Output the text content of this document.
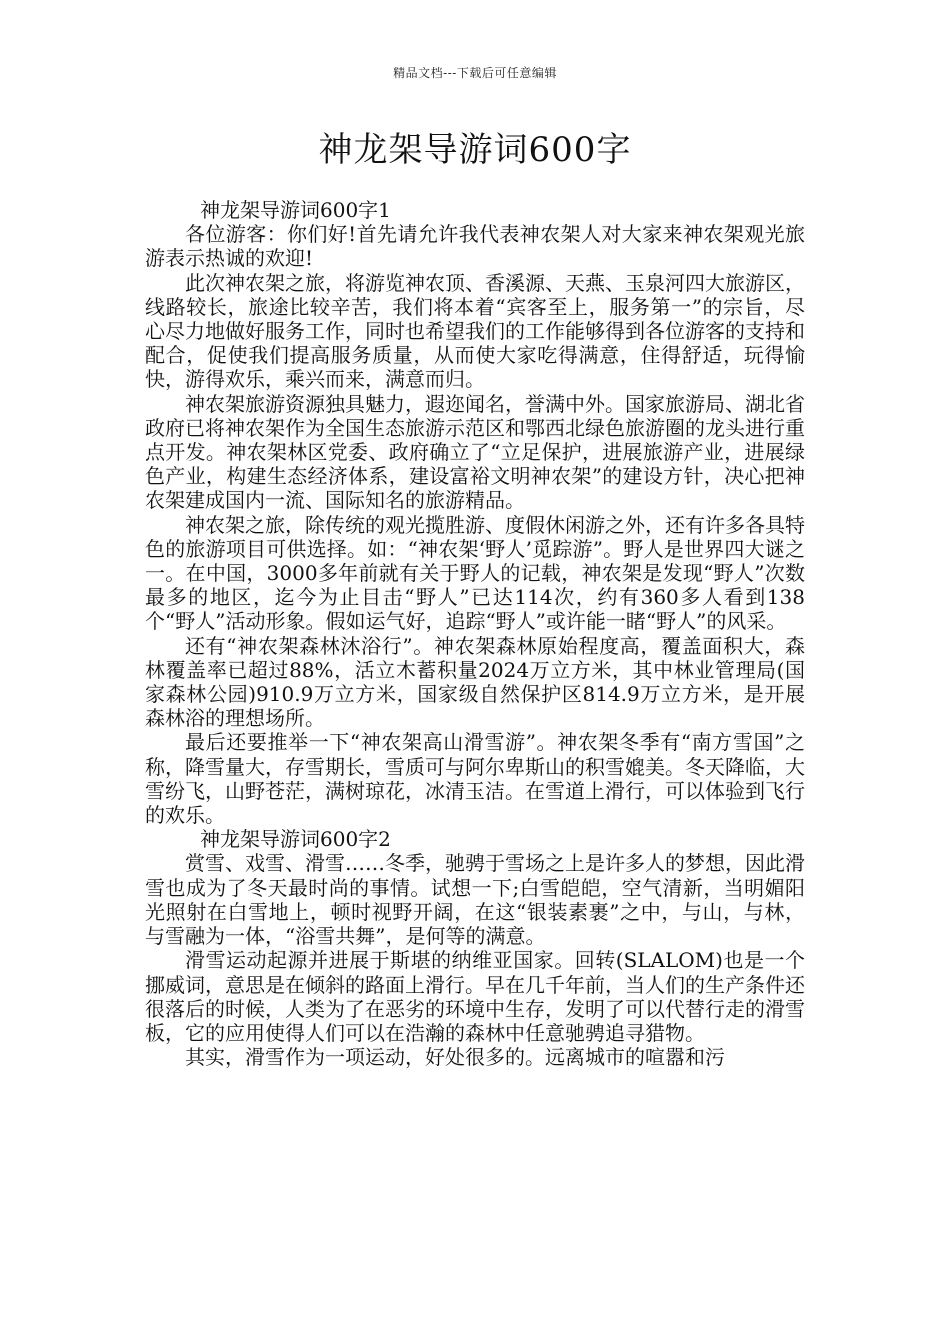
精品文档---下载后可任意编辑
神龙架导游词600字

神龙架导游词600字1

各位游客：你们好!首先请允许我代表神农架人对大家来神农架观光旅游表示热诚的欢迎!

此次神农架之旅，将游览神农顶、香溪源、天燕、玉泉河四大旅游区，线路较长，旅途比较辛苦，我们将本着“宾客至上，服务第一”的宗旨，尽心尽力地做好服务工作，同时也希望我们的工作能够得到各位游客的支持和配合，促使我们提高服务质量，从而使大家吃得满意，住得舒适，玩得愉快，游得欢乐，乘兴而来，满意而归。

神农架旅游资源独具魅力，遐迩闻名，誉满中外。国家旅游局、湖北省政府已将神农架作为全国生态旅游示范区和鄂西北绿色旅游圈的龙头进行重点开发。神农架林区党委、政府确立了“立足保护，进展旅游产业，进展绿色产业，构建生态经济体系，建设富裕文明神农架”的建设方针，决心把神农架建成国内一流、国际知名的旅游精品。

神农架之旅，除传统的观光揽胜游、度假休闲游之外，还有许多各具特色的旅游项目可供选择。如：“神农架‘野人’觅踪游”。野人是世界四大谜之一。在中国，3000多年前就有关于野人的记载，神农架是发现“野人”次数最多的地区，迄今为止目击“野人”已达114次，约有360多人看到138个“野人”活动形象。假如运气好，追踪“野人”或许能一睹“野人”的风采。

还有“神农架森林沐浴行”。神农架森林原始程度高，覆盖面积大，森林覆盖率已超过88%，活立木蓄积量2024万立方米，其中林业管理局(国家森林公园)910.9万立方米，国家级自然保护区814.9万立方米，是开展森林浴的理想场所。

最后还要推举一下“神农架高山滑雪游”。神农架冬季有“南方雪国”之称，降雪量大，存雪期长，雪质可与阿尔卑斯山的积雪媲美。冬天降临，大雪纷飞，山野苍茫，满树琼花，冰清玉洁。在雪道上滑行，可以体验到飞行的欢乐。

神龙架导游词600字2

赏雪、戏雪、滑雪……冬季，驰骋于雪场之上是许多人的梦想，因此滑雪也成为了冬天最时尚的事情。试想一下;白雪皑皑，空气清新，当明媚阳光照射在白雪地上，顿时视野开阔，在这“银装素裹”之中，与山，与林，与雪融为一体，“浴雪共舞”，是何等的满意。

滑雪运动起源并进展于斯堪的纳维亚国家。回转(SLALOM)也是一个挪威词，意思是在倾斜的路面上滑行。早在几千年前，当人们的生产条件还很落后的时候，人类为了在恶劣的环境中生存，发明了可以代替行走的滑雪板，它的应用使得人们可以在浩瀚的森林中任意驰骋追寻猎物。

其实，滑雪作为一项运动，好处很多的。远离城市的喧嚣和污
